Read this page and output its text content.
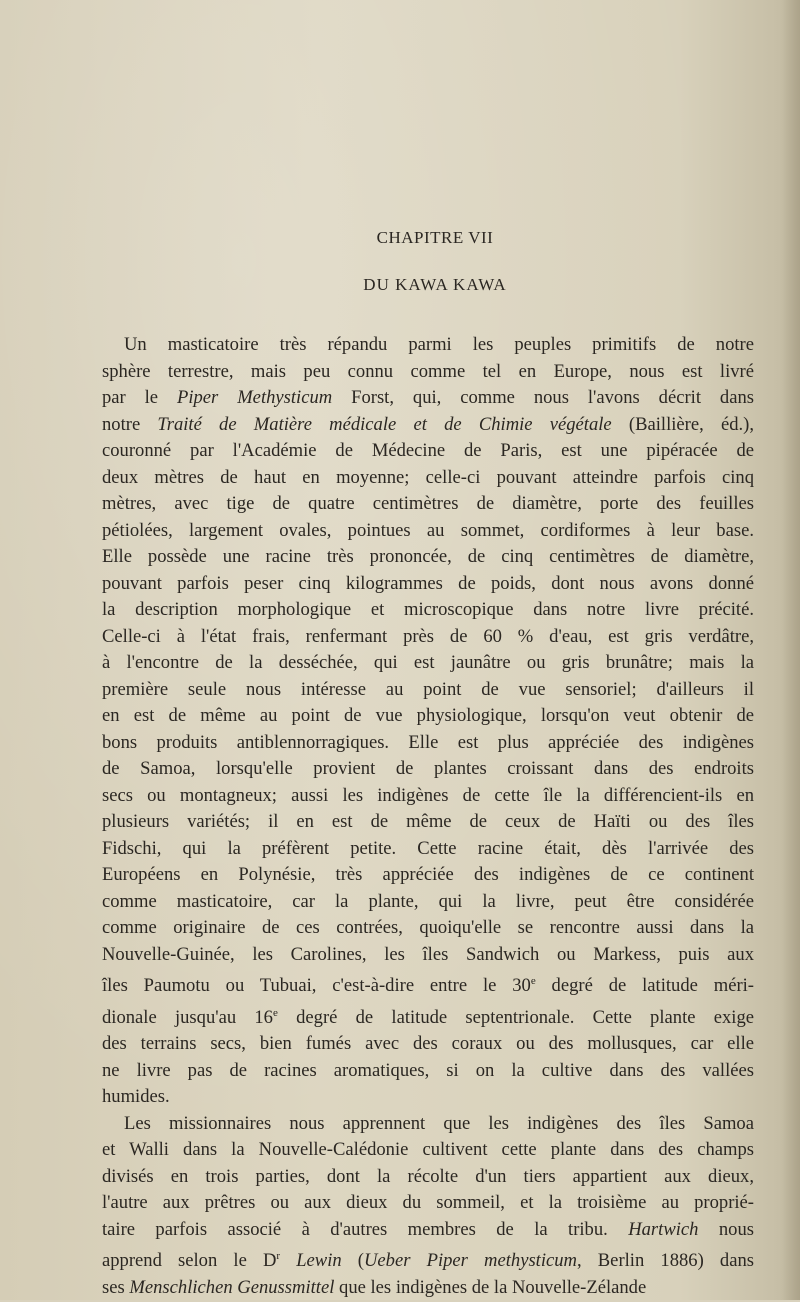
CHAPITRE VII
DU KAWA KAWA
Un masticatoire très répandu parmi les peuples primitifs de notre
sphère terrestre, mais peu connu comme tel en Europe, nous est livré
par le Piper Methysticum Forst, qui, comme nous l'avons décrit dans
notre Traité de Matière médicale et de Chimie végétale (Baillière, éd.),
couronné par l'Académie de Médecine de Paris, est une pipéracée de
deux mètres de haut en moyenne; celle-ci pouvant atteindre parfois cinq
mètres, avec tige de quatre centimètres de diamètre, porte des feuilles
pétiolées, largement ovales, pointues au sommet, cordiformes à leur base.
Elle possède une racine très prononcée, de cinq centimètres de diamètre,
pouvant parfois peser cinq kilogrammes de poids, dont nous avons donné
la description morphologique et microscopique dans notre livre précité.
Celle-ci à l'état frais, renfermant près de 60 % d'eau, est gris verdâtre,
à l'encontre de la desséchée, qui est jaunâtre ou gris brunâtre; mais la
première seule nous intéresse au point de vue sensoriel; d'ailleurs il
en est de même au point de vue physiologique, lorsqu'on veut obtenir de
bons produits antiblennorragiques. Elle est plus appréciée des indigènes
de Samoa, lorsqu'elle provient de plantes croissant dans des endroits
secs ou montagneux; aussi les indigènes de cette île la différencient-ils en
plusieurs variétés; il en est de même de ceux de Haïti ou des îles
Fidschi, qui la préfèrent petite. Cette racine était, dès l'arrivée des
Européens en Polynésie, très appréciée des indigènes de ce continent
comme masticatoire, car la plante, qui la livre, peut être considérée
comme originaire de ces contrées, quoiqu'elle se rencontre aussi dans la
Nouvelle-Guinée, les Carolines, les îles Sandwich ou Markess, puis aux
îles Paumotu ou Tubuai, c'est-à-dire entre le 30e degré de latitude méri-
dionale jusqu'au 16e degré de latitude septentrionale. Cette plante exige
des terrains secs, bien fumés avec des coraux ou des mollusques, car elle
ne livre pas de racines aromatiques, si on la cultive dans des vallées
humides.
Les missionnaires nous apprennent que les indigènes des îles Samoa
et Walli dans la Nouvelle-Calédonie cultivent cette plante dans des champs
divisés en trois parties, dont la récolte d'un tiers appartient aux dieux,
l'autre aux prêtres ou aux dieux du sommeil, et la troisième au proprié-
taire parfois associé à d'autres membres de la tribu. Hartwich nous
apprend selon le $D^r$ Lewin (Ueber Piper methysticum, Berlin 1886) dans
ses Menschlichen Genussmittel que les indigènes de la Nouvelle-Zélande
